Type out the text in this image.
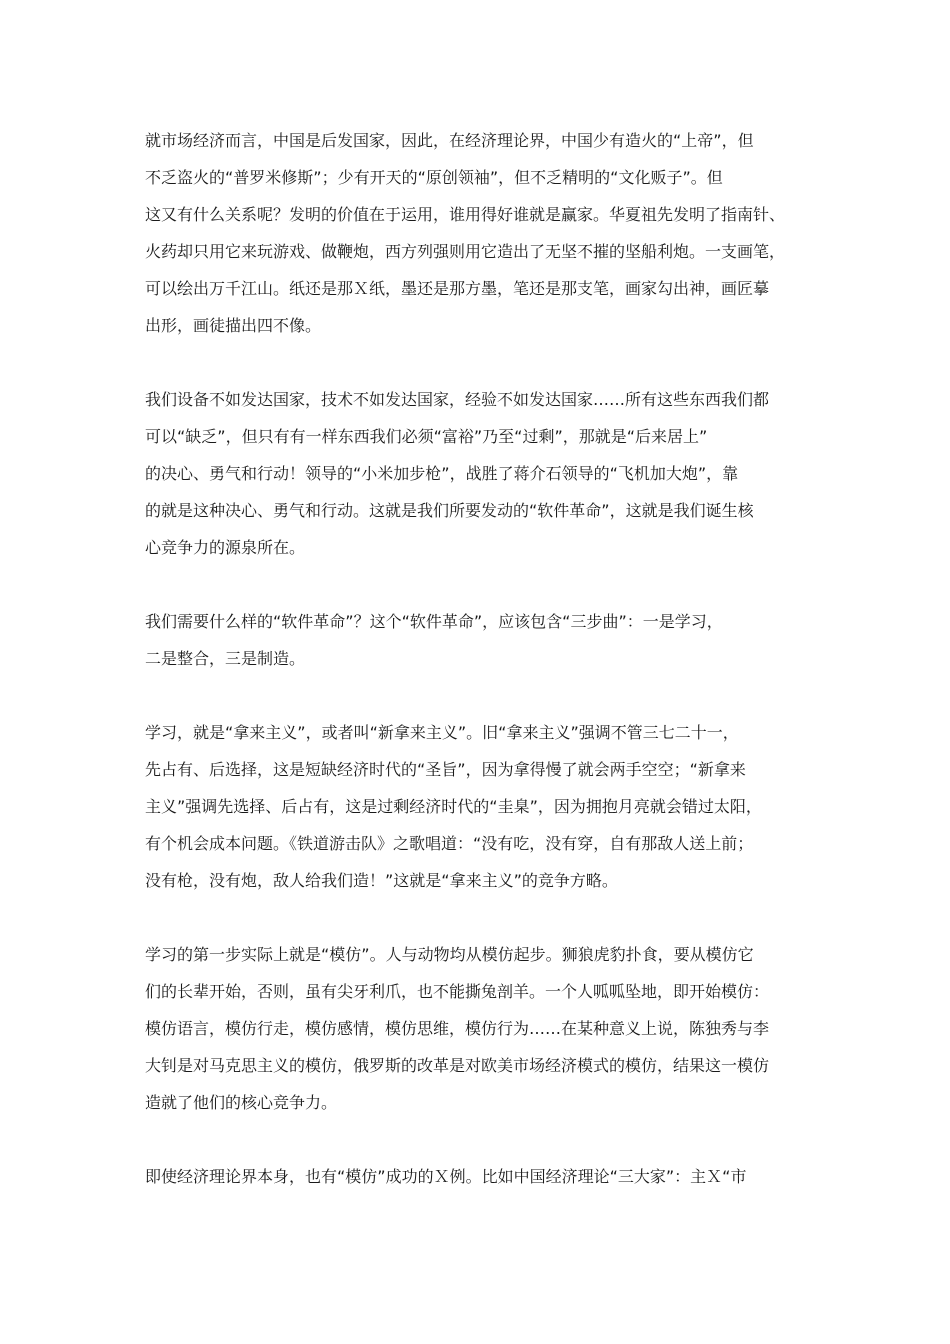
就市场经济而言，中国是后发国家，因此，在经济理论界，中国少有造火的“上帝”，但
不乏盗火的“普罗米修斯”；少有开天的“原创领袖”，但不乏精明的“文化贩子”。但
这又有什么关系呢？发明的价值在于运用，谁用得好谁就是赢家。华夏祖先发明了指南针、
火药却只用它来玩游戏、做鞭炮，西方列强则用它造出了无坚不摧的坚船利炮。一支画笔，
可以绘出万千江山。纸还是那Ｘ纸，墨还是那方墨，笔还是那支笔，画家勾出神，画匠摹
出形，画徒描出四不像。

我们设备不如发达国家，技术不如发达国家，经验不如发达国家……所有这些东西我们都
可以“缺乏”，但只有有一样东西我们必须“富裕”乃至“过剩”，那就是“后来居上”
的决心、勇气和行动！领导的“小米加步枪”，战胜了蒋介石领导的“飞机加大炮”，靠
的就是这种决心、勇气和行动。这就是我们所要发动的“软件革命”，这就是我们诞生核
心竞争力的源泉所在。

我们需要什么样的“软件革命”？这个“软件革命”，应该包含“三步曲”：一是学习，
二是整合，三是制造。

学习，就是“拿来主义”，或者叫“新拿来主义”。旧“拿来主义”强调不管三七二十一，
先占有、后选择，这是短缺经济时代的“圣旨”，因为拿得慢了就会两手空空；“新拿来
主义”强调先选择、后占有，这是过剩经济时代的“圭臬”，因为拥抱月亮就会错过太阳，
有个机会成本问题。《铁道游击队》之歌唱道：“没有吃，没有穿，自有那敌人送上前；
没有枪，没有炮，敌人给我们造！”这就是“拿来主义”的竞争方略。

学习的第一步实际上就是“模仿”。人与动物均从模仿起步。狮狼虎豹扑食，要从模仿它
们的长辈开始，否则，虽有尖牙利爪，也不能撕兔剖羊。一个人呱呱坠地，即开始模仿：
模仿语言，模仿行走，模仿感情，模仿思维，模仿行为……在某种意义上说，陈独秀与李
大钊是对马克思主义的模仿，俄罗斯的改革是对欧美市场经济模式的模仿，结果这一模仿
造就了他们的核心竞争力。

即使经济理论界本身，也有“模仿”成功的Ｘ例。比如中国经济理论“三大家”：主Ｘ“市
